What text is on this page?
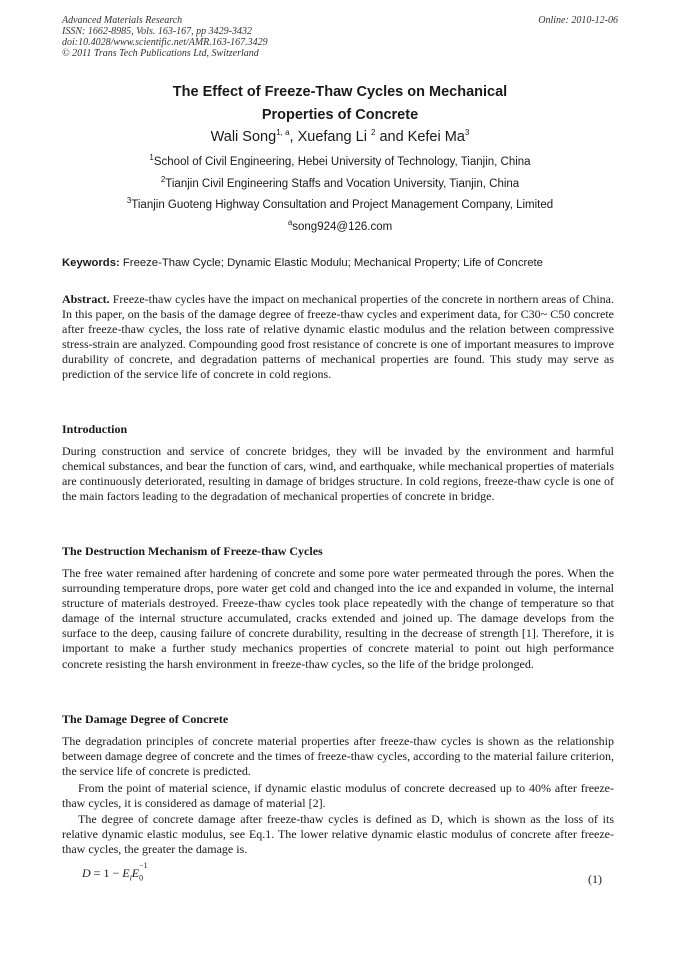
Advanced Materials Research
ISSN: 1662-8985, Vols. 163-167, pp 3429-3432
doi:10.4028/www.scientific.net/AMR.163-167.3429
© 2011 Trans Tech Publications Ltd, Switzerland
Online: 2010-12-06
The Effect of Freeze-Thaw Cycles on Mechanical
Properties of Concrete
Wali Song$^{1, a}$, Xuefang Li $^2$ and Kefei Ma$^3$
$^1$School of Civil Engineering, Hebei University of Technology, Tianjin, China
$^2$Tianjin Civil Engineering Staffs and Vocation University, Tianjin, China
$^3$Tianjin Guoteng Highway Consultation and Project Management Company, Limited
$^a$song924@126.com
Keywords: Freeze-Thaw Cycle; Dynamic Elastic Modulu; Mechanical Property; Life of Concrete
Abstract. Freeze-thaw cycles have the impact on mechanical properties of the concrete in northern areas of China. In this paper, on the basis of the damage degree of freeze-thaw cycles and experiment data, for C30~ C50 concrete after freeze-thaw cycles, the loss rate of relative dynamic elastic modulus and the relation between compressive stress-strain are analyzed. Compounding good frost resistance of concrete is one of important measures to improve durability of concrete, and degradation patterns of mechanical properties are found. This study may serve as prediction of the service life of concrete in cold regions.
Introduction
During construction and service of concrete bridges, they will be invaded by the environment and harmful chemical substances, and bear the function of cars, wind, and earthquake, while mechanical properties of materials are continuously deteriorated, resulting in damage of bridges structure. In cold regions, freeze-thaw cycle is one of the main factors leading to the degradation of mechanical properties of concrete in bridge.
The Destruction Mechanism of Freeze-thaw Cycles
The free water remained after hardening of concrete and some pore water permeated through the pores. When the surrounding temperature drops, pore water get cold and changed into the ice and expanded in volume, the internal structure of materials destroyed. Freeze-thaw cycles took place repeatedly with the change of temperature so that damage of the internal structure accumulated, cracks extended and joined up. The damage develops from the surface to the deep, causing failure of concrete durability, resulting in the decrease of strength [1]. Therefore, it is important to make a further study mechanics properties of concrete material to point out high performance concrete resisting the harsh environment in freeze-thaw cycles, so the life of the bridge prolonged.
The Damage Degree of Concrete
The degradation principles of concrete material properties after freeze-thaw cycles is shown as the relationship between damage degree of concrete and the times of freeze-thaw cycles, according to the material failure criterion, the service life of concrete is predicted.
From the point of material science, if dynamic elastic modulus of concrete decreased up to 40% after freeze-thaw cycles, it is considered as damage of material [2].
The degree of concrete damage after freeze-thaw cycles is defined as D, which is shown as the loss of its relative dynamic elastic modulus, see Eq.1. The lower relative dynamic elastic modulus of concrete after freeze-thaw cycles, the greater the damage is.
$D = 1 - E_iE_0^{-1}$
(1)
